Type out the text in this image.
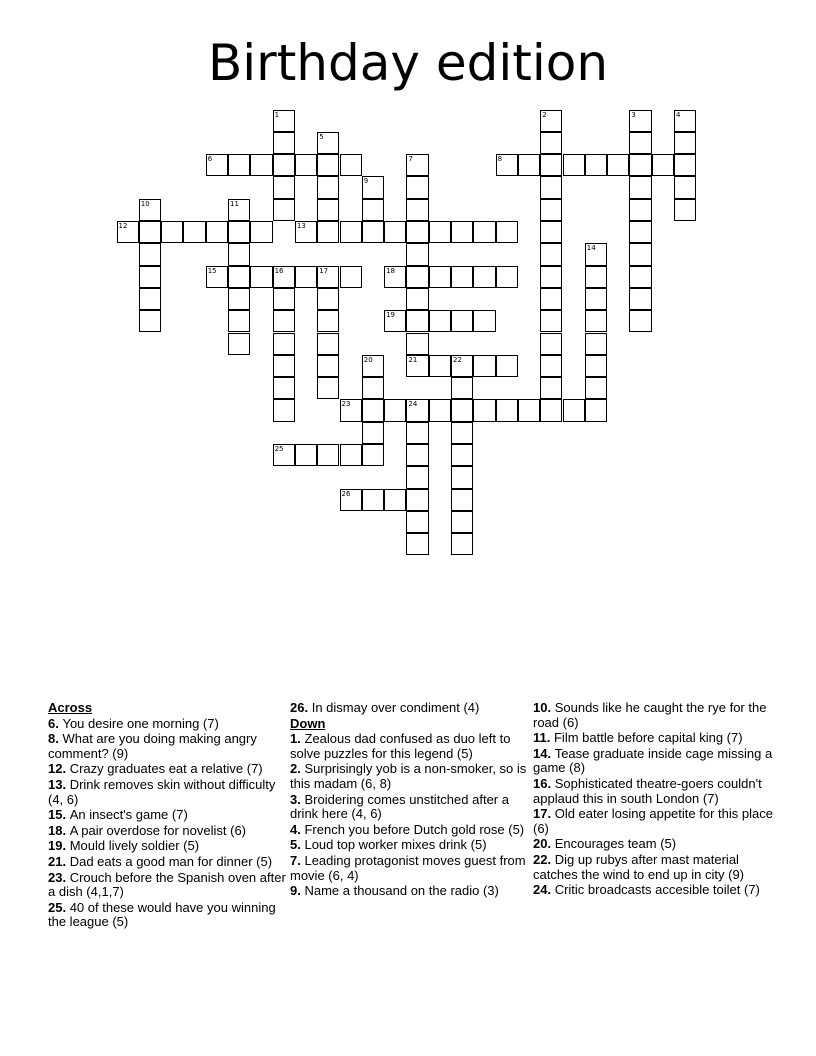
Birthday edition
6	8
12	13
15	16	17	18
19
21	22
23	24
25
26
1	2	3	4
5
7
9
10	11
14
20
Across
6. You desire one morning (7)
8. What are you doing making angry comment? (9)
12. Crazy graduates eat a relative (7)
13. Drink removes skin without difficulty (4, 6)
15. An insect's game (7)
18. A pair overdose for novelist (6)
19. Mould lively soldier (5)
21. Dad eats a good man for dinner (5)
23. Crouch before the Spanish oven after a dish (4,1,7)
25. 40 of these would have you winning the league (5)
26. In dismay over condiment (4)
Down
1. Zealous dad confused as duo left to solve puzzles for this legend (5)
2. Surprisingly yob is a non-smoker, so is this madam (6, 8)
3. Broidering comes unstitched after a drink here (4, 6)
4. French you before Dutch gold rose (5)
5. Loud top worker mixes drink (5)
7. Leading protagonist moves guest from movie (6, 4)
9. Name a thousand on the radio (3)
10. Sounds like he caught the rye for the road (6)
11. Film battle before capital king (7)
14. Tease graduate inside cage missing a game (8)
16. Sophisticated theatre-goers couldn't applaud this in south London (7)
17. Old eater losing appetite for this place (6)
20. Encourages team (5)
22. Dig up rubys after mast material catches the wind to end up in city (9)
24. Critic broadcasts accesible toilet (7)
